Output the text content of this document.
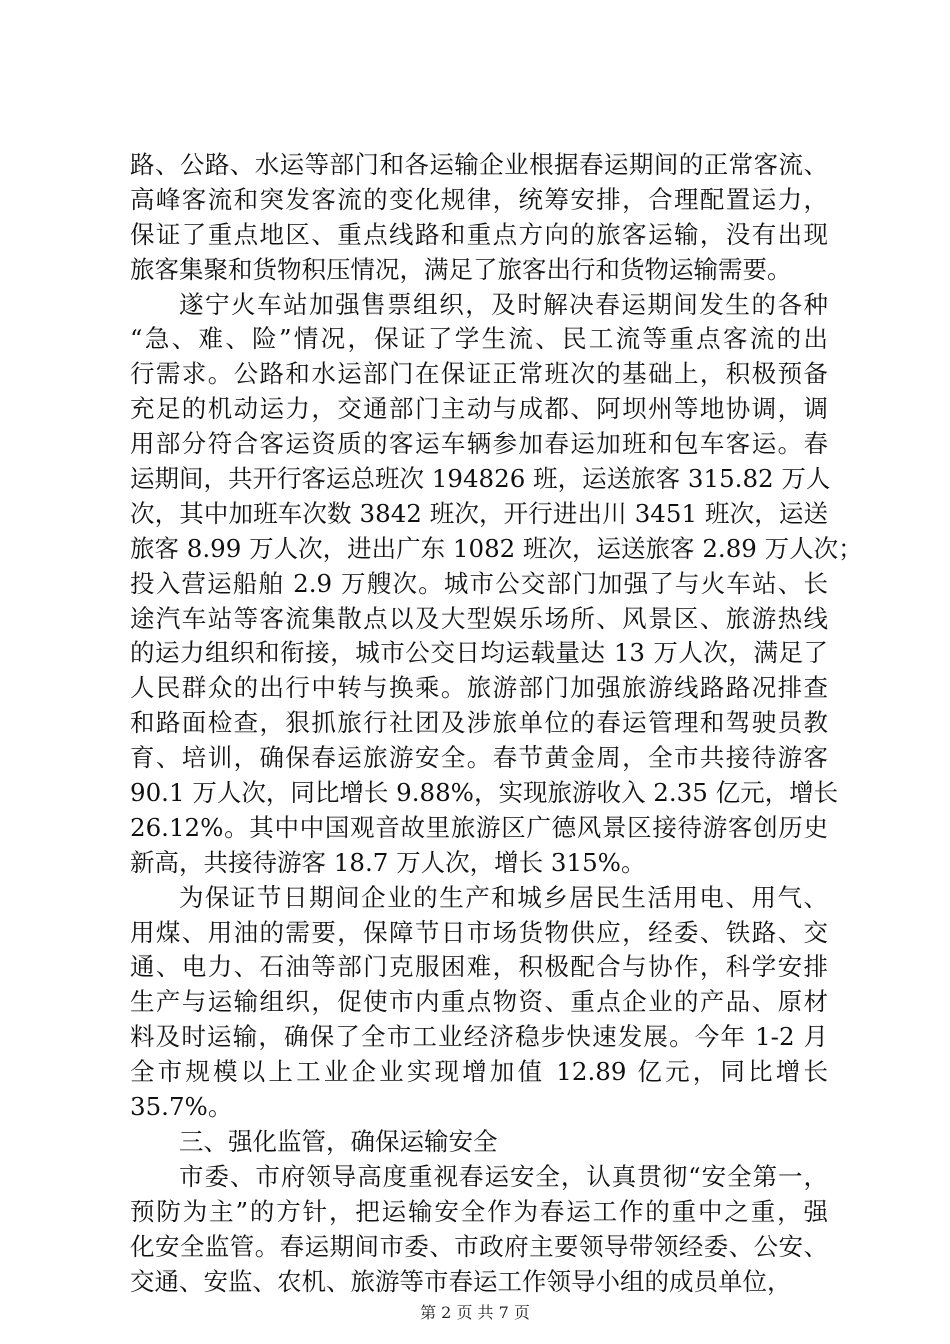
路、公路、水运等部门和各运输企业根据春运期间的正常客流、
高峰客流和突发客流的变化规律，统筹安排，合理配置运力，
保证了重点地区、重点线路和重点方向的旅客运输，没有出现
旅客集聚和货物积压情况，满足了旅客出行和货物运输需要。
遂宁火车站加强售票组织，及时解决春运期间发生的各种
“急、难、险”情况，保证了学生流、民工流等重点客流的出
行需求。公路和水运部门在保证正常班次的基础上，积极预备
充足的机动运力，交通部门主动与成都、阿坝州等地协调，调
用部分符合客运资质的客运车辆参加春运加班和包车客运。春
运期间，共开行客运总班次 194826 班，运送旅客 315.82 万人
次，其中加班车次数 3842 班次，开行进出川 3451 班次，运送
旅客 8.99 万人次，进出广东 1082 班次，运送旅客 2.89 万人次；
投入营运船舶 2.9 万艘次。城市公交部门加强了与火车站、长
途汽车站等客流集散点以及大型娱乐场所、风景区、旅游热线
的运力组织和衔接，城市公交日均运载量达 13 万人次，满足了
人民群众的出行中转与换乘。旅游部门加强旅游线路路况排查
和路面检查，狠抓旅行社团及涉旅单位的春运管理和驾驶员教
育、培训，确保春运旅游安全。春节黄金周，全市共接待游客
90.1 万人次，同比增长 9.88%，实现旅游收入 2.35 亿元，增长
26.12%。其中中国观音故里旅游区广德风景区接待游客创历史
新高，共接待游客 18.7 万人次，增长 315%。
为保证节日期间企业的生产和城乡居民生活用电、用气、
用煤、用油的需要，保障节日市场货物供应，经委、铁路、交
通、电力、石油等部门克服困难，积极配合与协作，科学安排
生产与运输组织，促使市内重点物资、重点企业的产品、原材
料及时运输，确保了全市工业经济稳步快速发展。今年 1-2 月
全市规模以上工业企业实现增加值 12.89 亿元，同比增长
35.7%。
三、强化监管，确保运输安全
市委、市府领导高度重视春运安全，认真贯彻“安全第一，
预防为主”的方针，把运输安全作为春运工作的重中之重，强
化安全监管。春运期间市委、市政府主要领导带领经委、公安、
交通、安监、农机、旅游等市春运工作领导小组的成员单位，
第 2 页 共 7 页
